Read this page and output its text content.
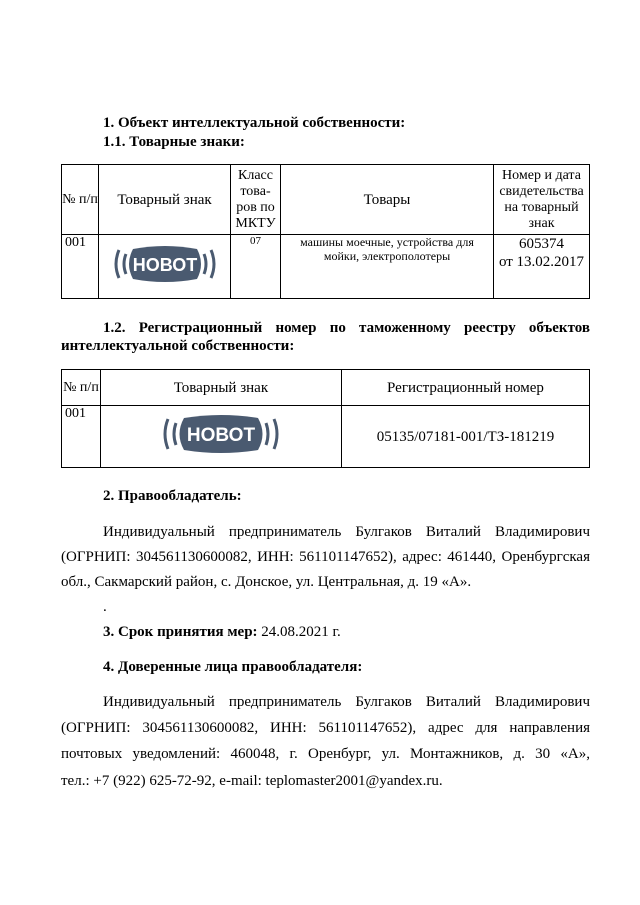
1. Объект интеллектуальной собственности:
1.1. Товарные знаки:
№ п/п	Товарный знак	Класс това-ров по МКТУ	Товары	Номер и дата свидетельства на товарный знак
001	НОВОТ	07	машины моечные, устройства для мойки, электрополотеры	605374
от 13.02.2017
1.2. Регистрационный номер по таможенному реестру объектов
интеллектуальной собственности:
№ п/п	Товарный знак	Регистрационный номер
001	НОВОТ	05135/07181-001/ТЗ-181219
2. Правообладатель:
Индивидуальный предприниматель Булгаков Виталий Владимирович
(ОГРНИП: 304561130600082, ИНН: 561101147652), адрес: 461440, Оренбургская
обл., Сакмарский район, с. Донское, ул. Центральная, д. 19 «А».
.
3. Срок принятия мер: 24.08.2021 г.
4. Доверенные лица правообладателя:
Индивидуальный предприниматель Булгаков Виталий Владимирович
(ОГРНИП: 304561130600082, ИНН: 561101147652), адрес для направления
почтовых уведомлений: 460048, г. Оренбург, ул. Монтажников, д. 30 «А»,
тел.: +7 (922) 625-72-92, e-mail: teplomaster2001@yandex.ru.
